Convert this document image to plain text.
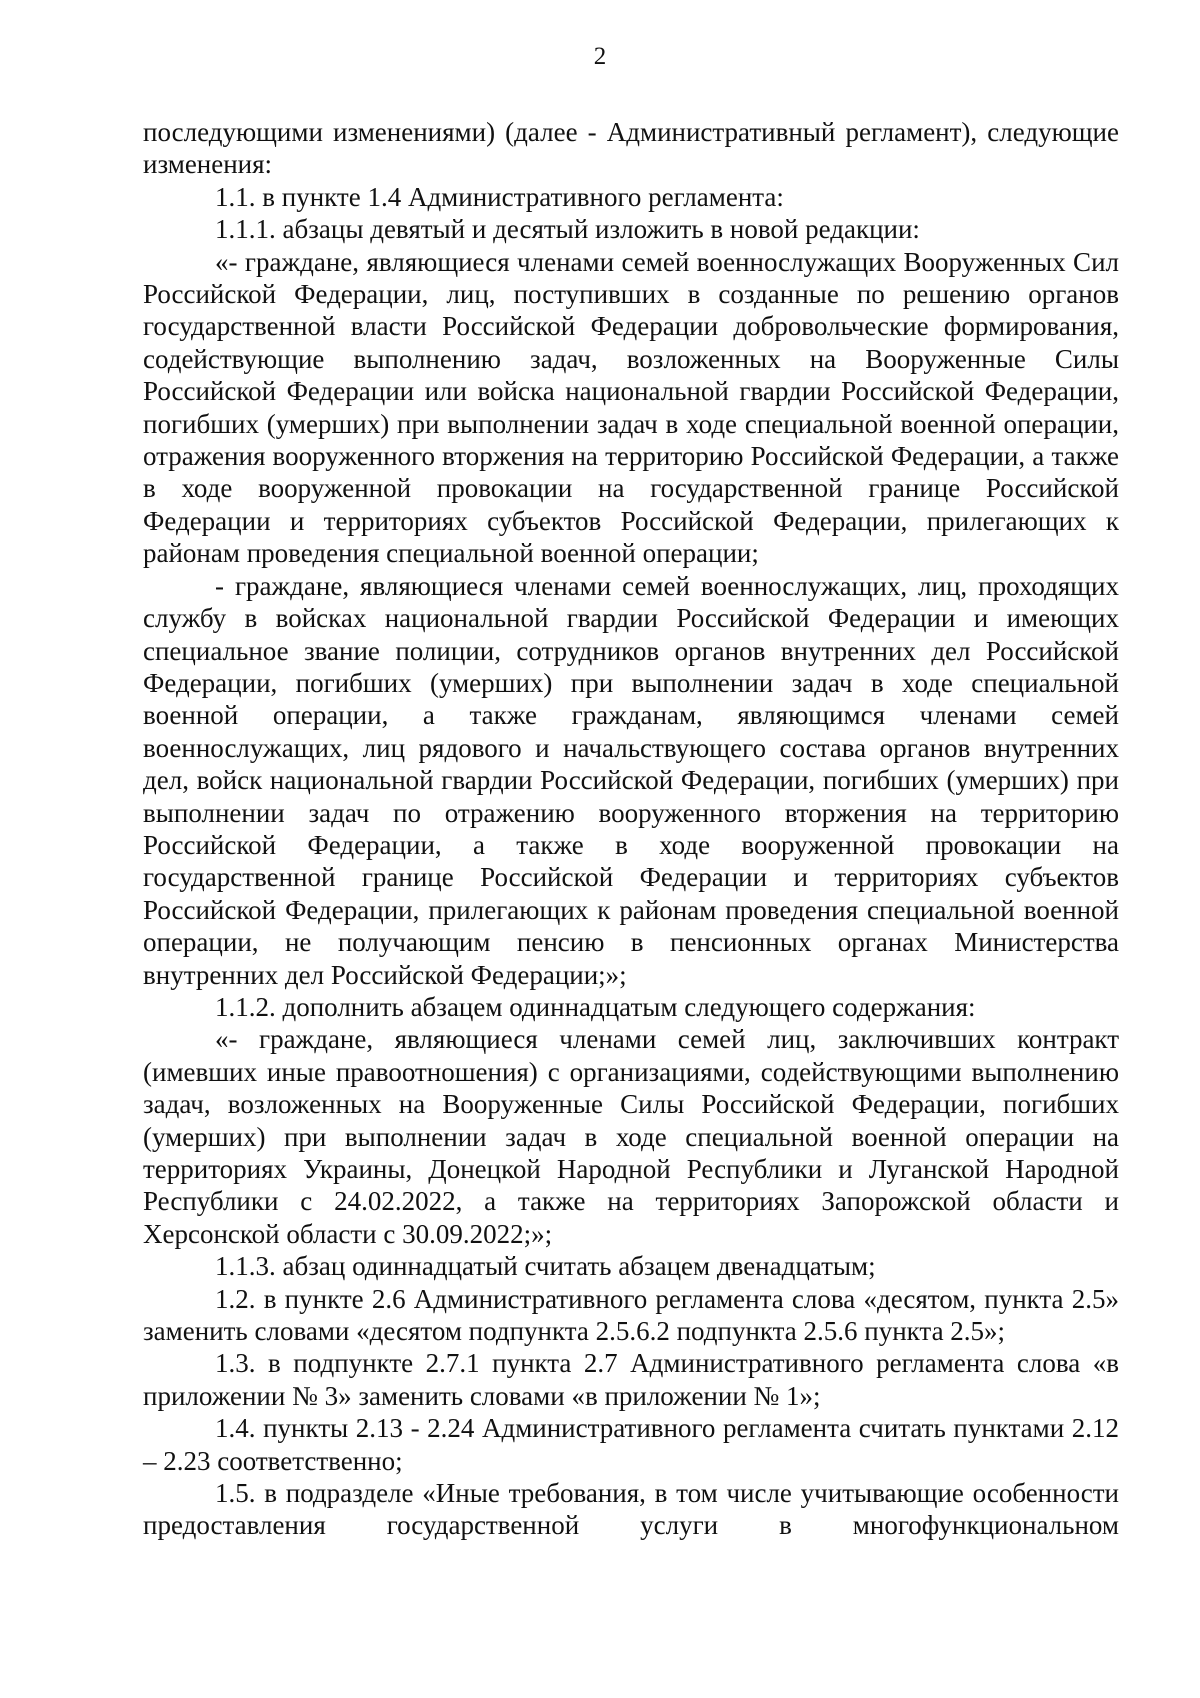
2

последующими изменениями) (далее - Административный регламент), следующие изменения:

1.1. в пункте 1.4 Административного регламента:

1.1.1. абзацы девятый и десятый изложить в новой редакции:

«- граждане, являющиеся членами семей военнослужащих Вооруженных Сил Российской Федерации, лиц, поступивших в созданные по решению органов государственной власти Российской Федерации добровольческие формирования, содействующие выполнению задач, возложенных на Вооруженные Силы Российской Федерации или войска национальной гвардии Российской Федерации, погибших (умерших) при выполнении задач в ходе специальной военной операции, отражения вооруженного вторжения на территорию Российской Федерации, а также в ходе вооруженной провокации на государственной границе Российской Федерации и территориях субъектов Российской Федерации, прилегающих к районам проведения специальной военной операции;

- граждане, являющиеся членами семей военнослужащих, лиц, проходящих службу в войсках национальной гвардии Российской Федерации и имеющих специальное звание полиции, сотрудников органов внутренних дел Российской Федерации, погибших (умерших) при выполнении задач в ходе специальной военной операции, а также гражданам, являющимся членами семей военнослужащих, лиц рядового и начальствующего состава органов внутренних дел, войск национальной гвардии Российской Федерации, погибших (умерших) при выполнении задач по отражению вооруженного вторжения на территорию Российской Федерации, а также в ходе вооруженной провокации на государственной границе Российской Федерации и территориях субъектов Российской Федерации, прилегающих к районам проведения специальной военной операции, не получающим пенсию в пенсионных органах Министерства внутренних дел Российской Федерации;»;

1.1.2. дополнить абзацем одиннадцатым следующего содержания:

«- граждане, являющиеся членами семей лиц, заключивших контракт (имевших иные правоотношения) с организациями, содействующими выполнению задач, возложенных на Вооруженные Силы Российской Федерации, погибших (умерших) при выполнении задач в ходе специальной военной операции на территориях Украины, Донецкой Народной Республики и Луганской Народной Республики с 24.02.2022, а также на территориях Запорожской области и Херсонской области с 30.09.2022;»;

1.1.3. абзац одиннадцатый считать абзацем двенадцатым;

1.2. в пункте 2.6 Административного регламента слова «десятом, пункта 2.5» заменить словами «десятом подпункта 2.5.6.2 подпункта 2.5.6 пункта 2.5»;

1.3. в подпункте 2.7.1 пункта 2.7 Административного регламента слова «в приложении № 3» заменить словами «в приложении № 1»;

1.4. пункты 2.13 - 2.24 Административного регламента считать пунктами 2.12 – 2.23 соответственно;

1.5. в подразделе «Иные требования, в том числе учитывающие особенности предоставления государственной услуги в многофункциональном
